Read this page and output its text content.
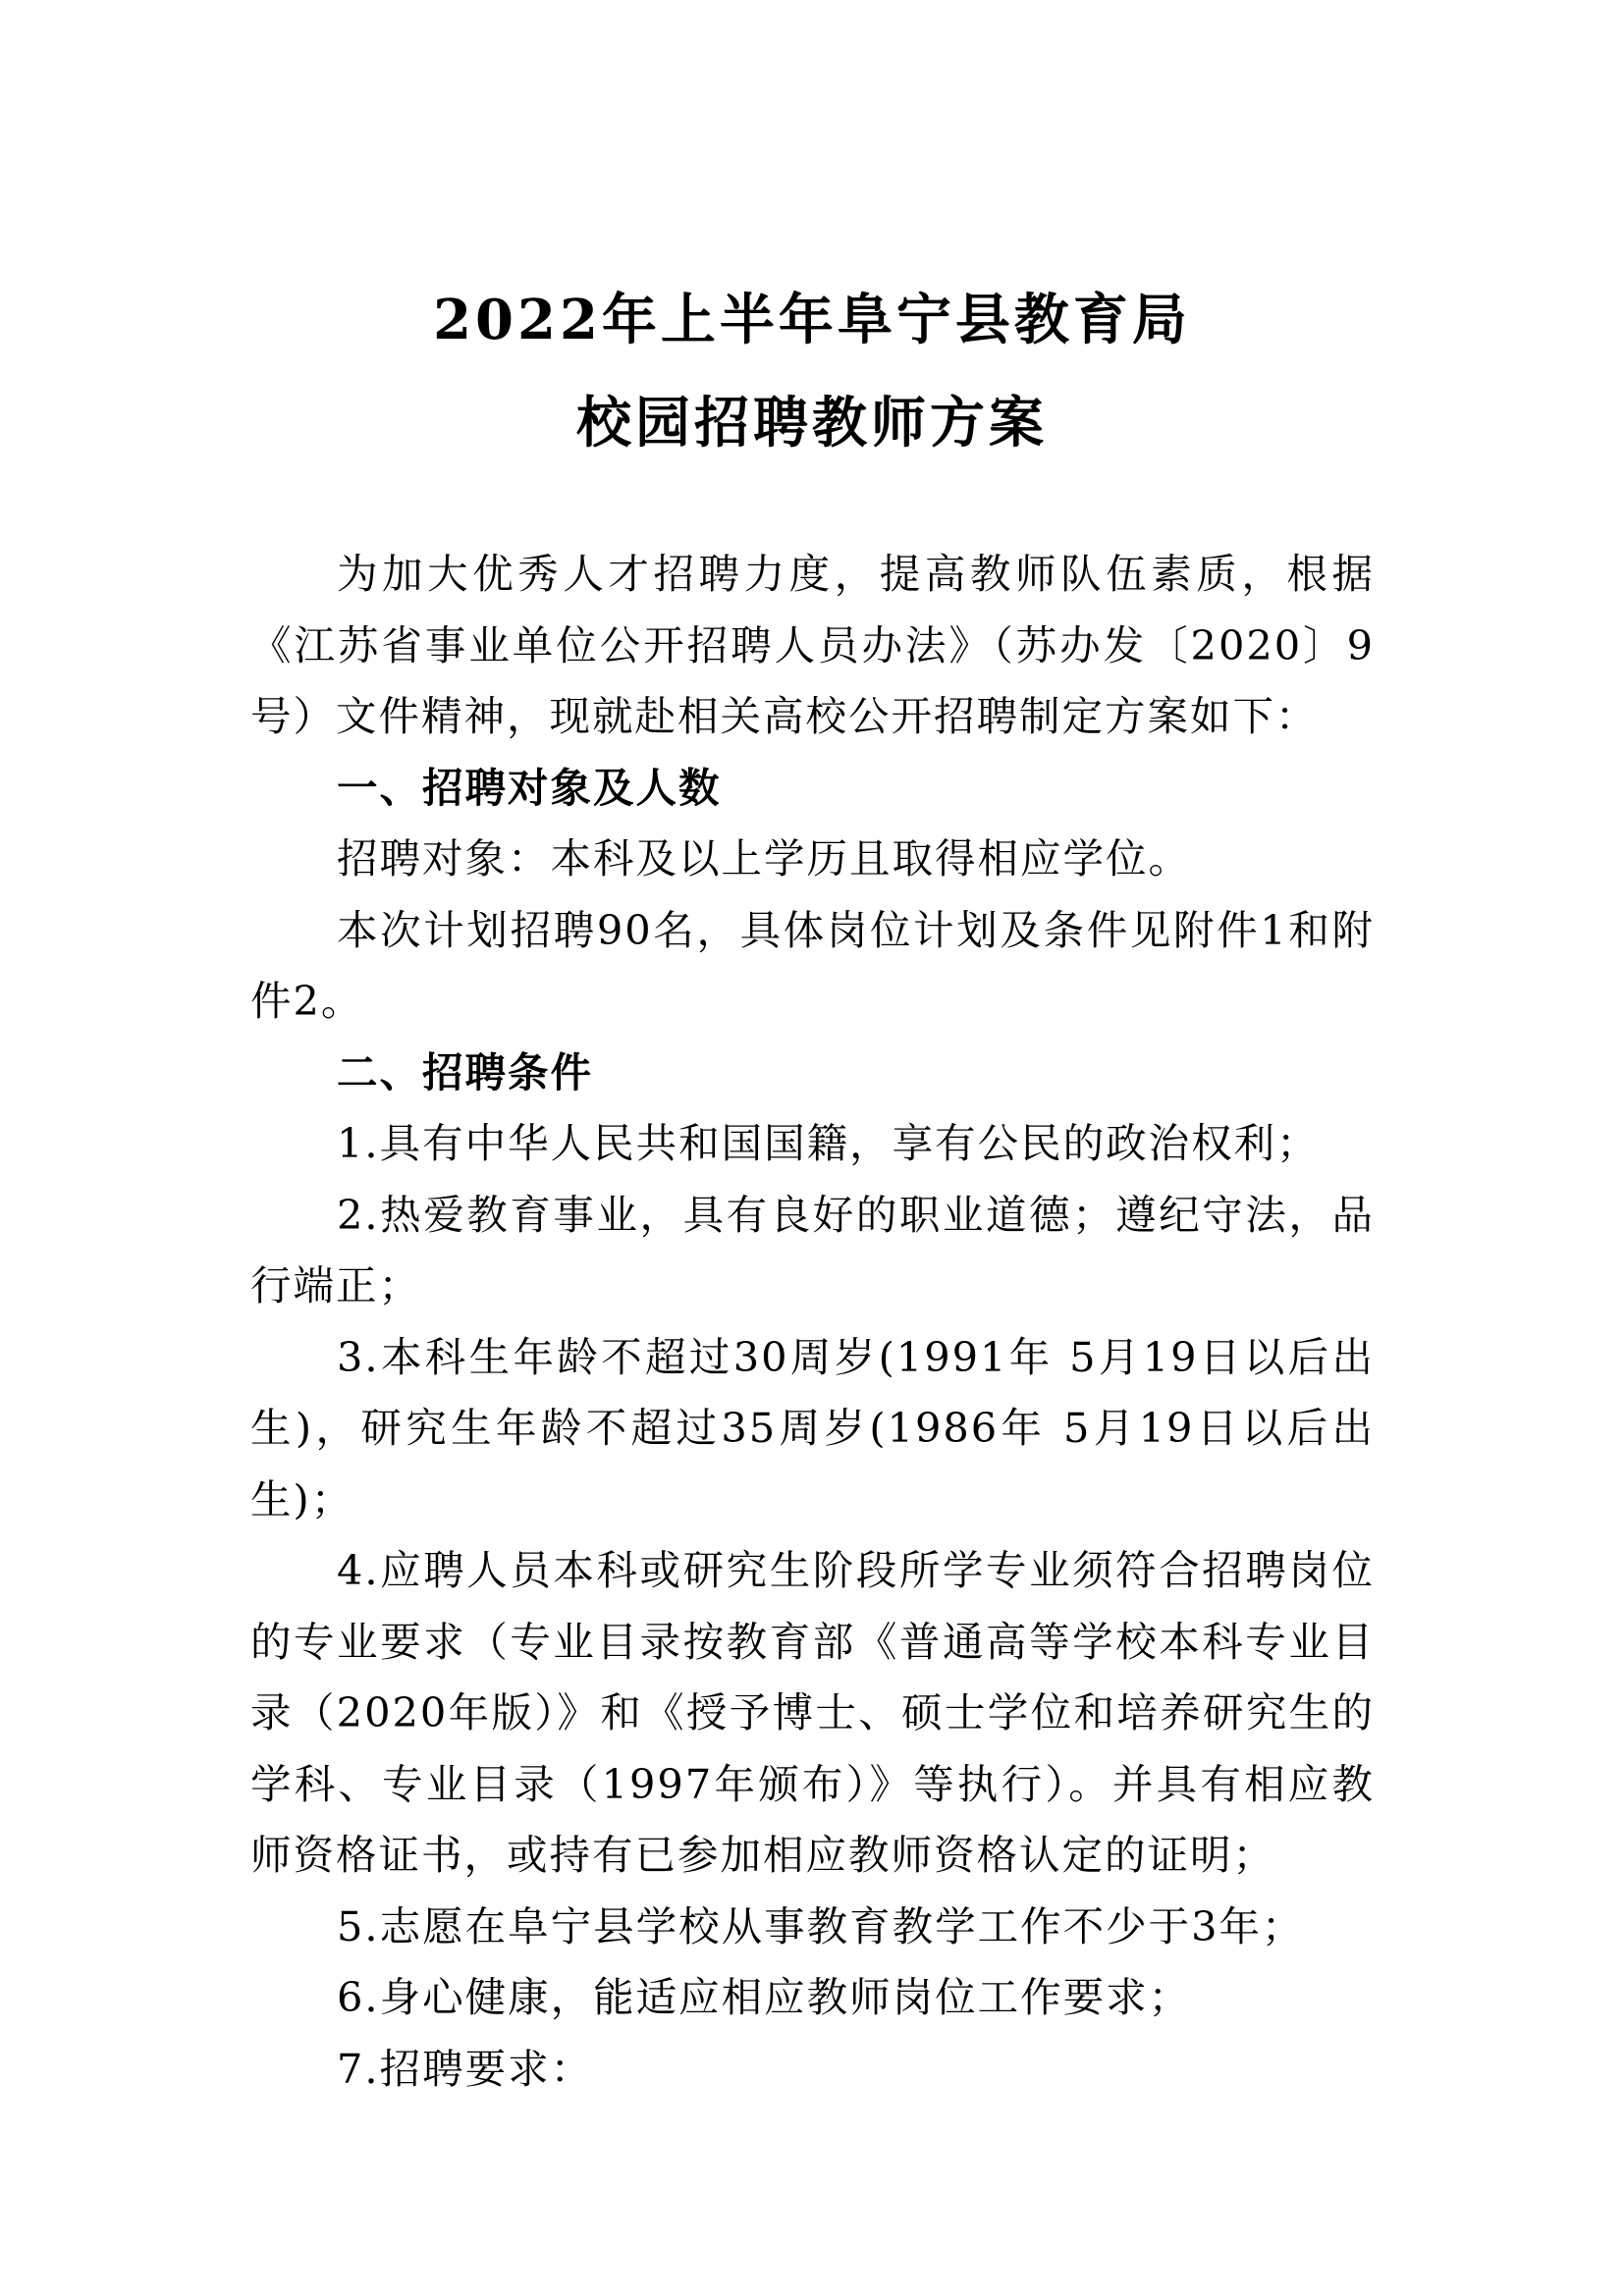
2022年上半年阜宁县教育局
校园招聘教师方案

为加大优秀人才招聘力度，提高教师队伍素质，根据《江苏省事业单位公开招聘人员办法》（苏办发〔2020〕9号）文件精神，现就赴相关高校公开招聘制定方案如下：

一、招聘对象及人数

招聘对象：本科及以上学历且取得相应学位。

本次计划招聘90名，具体岗位计划及条件见附件1和附件2。

二、招聘条件

1.具有中华人民共和国国籍，享有公民的政治权利；

2.热爱教育事业，具有良好的职业道德；遵纪守法，品行端正；

3.本科生年龄不超过30周岁(1991年 5月19日以后出生)，研究生年龄不超过35周岁(1986年 5月19日以后出生)；

4.应聘人员本科或研究生阶段所学专业须符合招聘岗位的专业要求（专业目录按教育部《普通高等学校本科专业目录（2020年版）》和《授予博士、硕士学位和培养研究生的学科、专业目录（1997年颁布）》等执行）。并具有相应教师资格证书，或持有已参加相应教师资格认定的证明；

5.志愿在阜宁县学校从事教育教学工作不少于3年；

6.身心健康，能适应相应教师岗位工作要求；

7.招聘要求：
